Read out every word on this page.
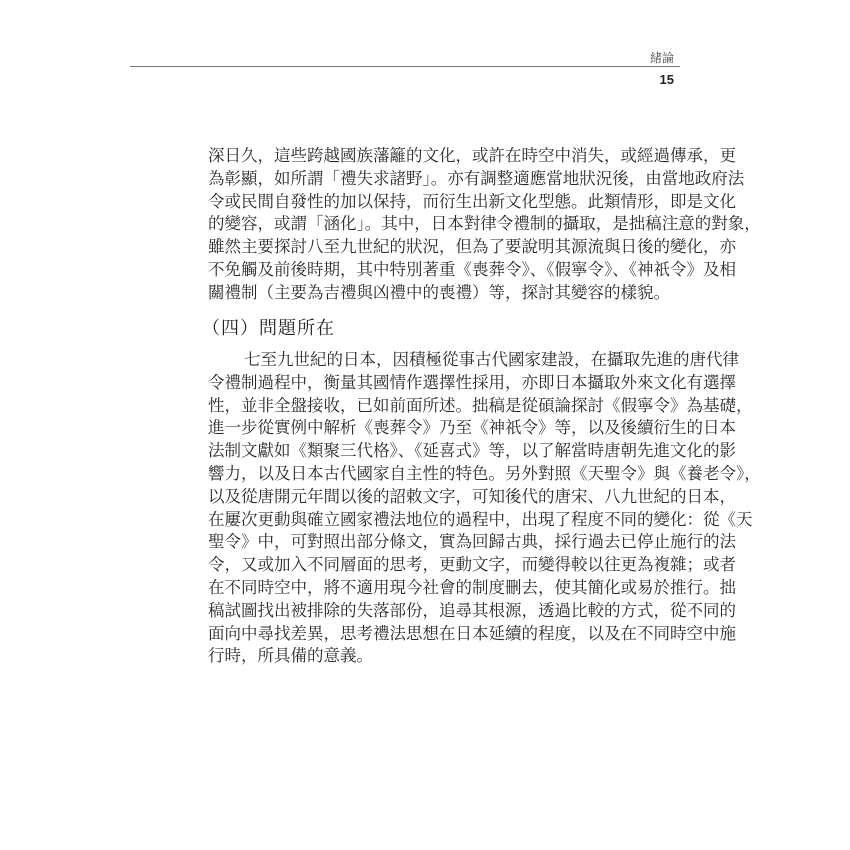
緒論
15
深日久，這些跨越國族藩籬的文化，或許在時空中消失，或經過傳承，更
為彰顯，如所謂「禮失求諸野」。亦有調整適應當地狀況後，由當地政府法
令或民間自發性的加以保持，而衍生出新文化型態。此類情形，即是文化
的變容，或謂「涵化」。其中，日本對律令禮制的攝取，是拙稿注意的對象，
雖然主要探討八至九世紀的狀況，但為了要說明其源流與日後的變化，亦
不免觸及前後時期，其中特別著重《喪葬令》、《假寧令》、《神祇令》及相
關禮制（主要為吉禮與凶禮中的喪禮）等，探討其變容的樣貌。
（四）問題所在
七至九世紀的日本，因積極從事古代國家建設，在攝取先進的唐代律
令禮制過程中，衡量其國情作選擇性採用，亦即日本攝取外來文化有選擇
性，並非全盤接收，已如前面所述。拙稿是從碩論探討《假寧令》為基礎，
進一步從實例中解析《喪葬令》乃至《神祇令》等，以及後續衍生的日本
法制文獻如《類聚三代格》、《延喜式》等，以了解當時唐朝先進文化的影
響力，以及日本古代國家自主性的特色。另外對照《天聖令》與《養老令》，
以及從唐開元年間以後的詔敕文字，可知後代的唐宋、八九世紀的日本，
在屢次更動與確立國家禮法地位的過程中，出現了程度不同的變化：從《天
聖令》中，可對照出部分條文，實為回歸古典，採行過去已停止施行的法
令，又或加入不同層面的思考，更動文字，而變得較以往更為複雜；或者
在不同時空中，將不適用現今社會的制度刪去，使其簡化或易於推行。拙
稿試圖找出被排除的失落部份，追尋其根源，透過比較的方式，從不同的
面向中尋找差異，思考禮法思想在日本延續的程度，以及在不同時空中施
行時，所具備的意義。
